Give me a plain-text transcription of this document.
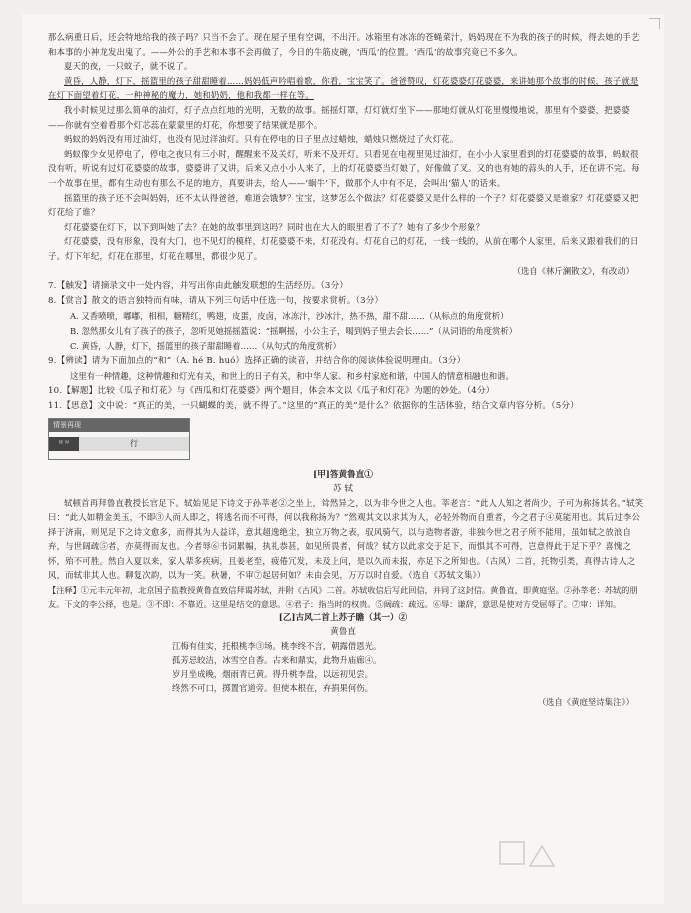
那么病重日后，还会特地给我的孩子吗？只当不会了。现在屋子里有空调，不出汗。冰箱里有冰冻的苍蝇菜汁，妈妈现在不为我的孩子的时候，得去她的手艺和本事的小神龙发出鬼了。——外公的手艺和本事不会再做了，今日的牛筋皮碗，‘西瓜’的位置。‘西瓜’的故事究竟已不多久。

夏天的夜，一只蚊子，就不说了。

黄昏，人静，灯下，摇篮里的孩子甜甜睡着……妈妈低声吟唱着歌，你看，宝宝笑了。爸爸赞叹，灯花婆婆灯花婆婆，来讲她那个故事的时候，孩子就是在灯下面望着灯花，一种神秘的魔力，她和奶奶，他和我都一样在等。

我小时候见过那么简单的油灯，灯子点点红地的光明，无数的故事。摇摇灯罩，灯灯就灯坐下——那地灯就从灯花里慢慢地说，那里有个婆婆，把婆婆——你就有空着看那个灯芯蕊在蒙蒙里的灯花，你想要了结果就是那个。

蚂蚁的妈妈没有用过油灯，也没有见过洋油灯。只有在停电的日子里点过蜡烛，蜡烛只燃烧过了火灯花。

蚂蚁像少女见停电了，停电之夜只有三小时，醒醒来不及关灯，听来不及开灯。只看见在电视里见过油灯，在小小人家里看到的灯花婆婆的故事，蚂蚁很没有听，听说有过灯花婆婆的故事，婆婆讲了又讲，后来又点小小人来了，上的灯花婆婆当灯娘了，好像做了叉。又的也有她的蒜头的人手，还在讲不完。每一个故事在里，都有生动也有那么不足的地方，真要讲去，给人——‘蜗牛’下，做那个人中有不足，会叫出‘猫人’的话来。

摇篮里的孩子还不会叫妈妈，还不太认得爸爸，难道会饿梦？宝宝，这梦怎么个做法？灯花婆婆又是什么样的一个子？灯花婆婆又是谁家？灯花婆婆又把灯花给了谁？

灯花婆婆在灯下，以下到叫她了去？在她的故事里到这吗？同时也在大人的眼里看了不了？她有了多少个形象？

灯花婆婆，没有形象，没有大门，也不见灯的模样，灯花婆婆不来，灯花没有。灯花自己的灯花，一线一线的，从前在哪个人家里，后来又跟着我们的日子。灯下年纪，灯花在那里，灯花在哪里，都很少见了。

（选自《林斤澜散文》，有改动）

7.【触发】请摘录文中一处内容，并写出你由此触发联想的生活经历。（3分）

8.【赏言】散文的语言独特而有味，请从下列三句话中任选一句，按要求赏析。（3分）

A. 又香喷喷，嘟嘟，相相，糖精红，鸭翅，皮蛋，皮卤，冰冻汁，沙冰汁，热不热，甜不甜……（从标点的角度赏析）

B. 忽然那女儿有了孩子的孩子，忽听见她摇摇篮说：“摇啊摇，小公主子，喝到妈子里去会长……”（从词语的角度赏析）

C. 黄昏，人静，灯下，摇篮里的孩子甜甜睡着……（从句式的角度赏析）

9.【辨读】请为下面加点的“和”（A. hé B. huó）选择正确的读音，并结合你的阅读体验说明理由。（3分）

这里有一种情趣，这种情趣和灯光有关，和世上的日子有关，和中华人家、和乡村家庭和谐，中国人的情意相融也和谐。

10.【解题】比较《瓜子和灯花》与《西瓜和灯花婆婆》两个题目，体会本文以《瓜子和灯花》为题的妙处。（4分）

11.【思意】文中说：“真正的美，一只蝴蝶的美，就不得了。”这里的“真正的美”是什么？依据你的生活体验，结合文章内容分析。（5分）

情景再现
ᴴ ᴺ	行

[甲]答黄鲁直①

苏 轼

轼顿首再拜鲁直教授长官足下。轼始见足下诗文于孙莘老②之坐上，耸然异之，以为非今世之人也。莘老言：“此人人知之者尚少，子可为称扬其名。”轼笑曰：“此人如精金美玉，不即③人而人即之，将逃名而不可得，何以我称扬为？”然观其文以求其为人，必轻外物而自重者，今之君子④莫能用也。其后过李公择于济南，则见足下之诗文愈多，而得其为人益详，意其超逸绝尘，独立万物之表，驭风骑气，以与造物者游，非独今世之君子所不能用，虽如轼之放浪自弃，与世阔疏⑤者，亦莫得而友也。今者辱⑥书词累幅，执礼恭甚，如见所畏者，何哉？轼方以此求交于足下，而惧其不可得，岂意得此于足下乎？喜愧之怀，殆不可胜。然自入夏以来，家人辈多疾病，且姜老至，疲倦冗发，未及上问，是以久而未报，亦足下之所知也。（古风）二首，托物引类，真得古诗人之风，而轼非其人也。聊复次韵，以为一笑。秋暑，不审⑦起居何如？未由会见，万万以时自爱。（选自《苏轼文集》）

【注释】①元丰元年初，北京国子监教授黄鲁直致信拜谒苏轼，并附《古风》二首。苏轼收信后写此回信，并同了这封信。黄鲁直，即黄庭坚。②孙莘老：苏轼的朋友。下文的李公择，也是。③不即：不靠近。这里是结交的意思。④君子：指当时的权贵。⑤阔疏：疏远。⑥辱：谦辞，意思是使对方受屈辱了。⑦审：详知。

[乙]古风二首上苏子瞻（其一）②

黄鲁直

江梅有佳实，托根桃李③场。桃李终不言，朝露借恩光。

孤芳忌皎洁，冰雪空自香。古来和鼎实，此物升庙廊④。

岁月坐成晚，烟雨青已黄。得升桃李盘，以远初见尝。

终然不可口，掷置官道旁。但使本根在，弃捐果何伤。

（选自《黄庭坚诗集注》）
